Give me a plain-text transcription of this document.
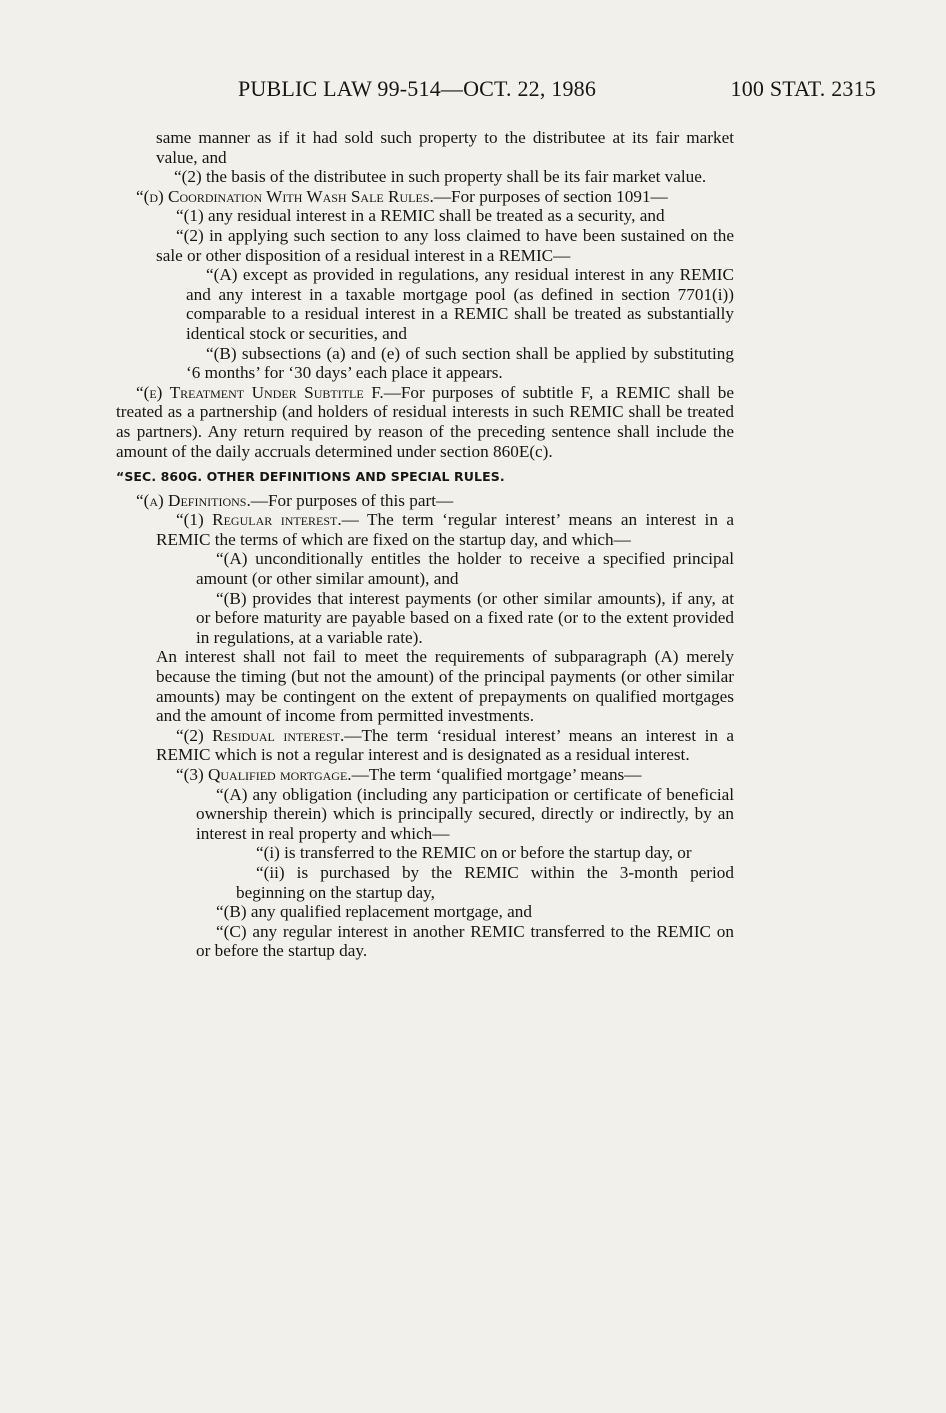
PUBLIC LAW 99-514—OCT. 22, 1986	100 STAT. 2315

same manner as if it had sold such property to the distributee at its fair market value, and

“(2) the basis of the distributee in such property shall be its fair market value.

“(d) Coordination With Wash Sale Rules.—For purposes of section 1091—

“(1) any residual interest in a REMIC shall be treated as a security, and

“(2) in applying such section to any loss claimed to have been sustained on the sale or other disposition of a residual interest in a REMIC—

“(A) except as provided in regulations, any residual interest in any REMIC and any interest in a taxable mortgage pool (as defined in section 7701(i)) comparable to a residual interest in a REMIC shall be treated as substantially identical stock or securities, and

“(B) subsections (a) and (e) of such section shall be applied by substituting ‘6 months’ for ‘30 days’ each place it appears.

“(e) Treatment Under Subtitle F.—For purposes of subtitle F, a REMIC shall be treated as a partnership (and holders of residual interests in such REMIC shall be treated as partners). Any return required by reason of the preceding sentence shall include the amount of the daily accruals determined under section 860E(c).

“SEC. 860G. OTHER DEFINITIONS AND SPECIAL RULES.

“(a) Definitions.—For purposes of this part—

“(1) Regular interest.— The term ‘regular interest’ means an interest in a REMIC the terms of which are fixed on the startup day, and which—

“(A) unconditionally entitles the holder to receive a specified principal amount (or other similar amount), and

“(B) provides that interest payments (or other similar amounts), if any, at or before maturity are payable based on a fixed rate (or to the extent provided in regulations, at a variable rate).

An interest shall not fail to meet the requirements of subparagraph (A) merely because the timing (but not the amount) of the principal payments (or other similar amounts) may be contingent on the extent of prepayments on qualified mortgages and the amount of income from permitted investments.

“(2) Residual interest.—The term ‘residual interest’ means an interest in a REMIC which is not a regular interest and is designated as a residual interest.

“(3) Qualified mortgage.—The term ‘qualified mortgage’ means—

“(A) any obligation (including any participation or certificate of beneficial ownership therein) which is principally secured, directly or indirectly, by an interest in real property and which—

“(i) is transferred to the REMIC on or before the startup day, or

“(ii) is purchased by the REMIC within the 3-month period beginning on the startup day,

“(B) any qualified replacement mortgage, and

“(C) any regular interest in another REMIC transferred to the REMIC on or before the startup day.
